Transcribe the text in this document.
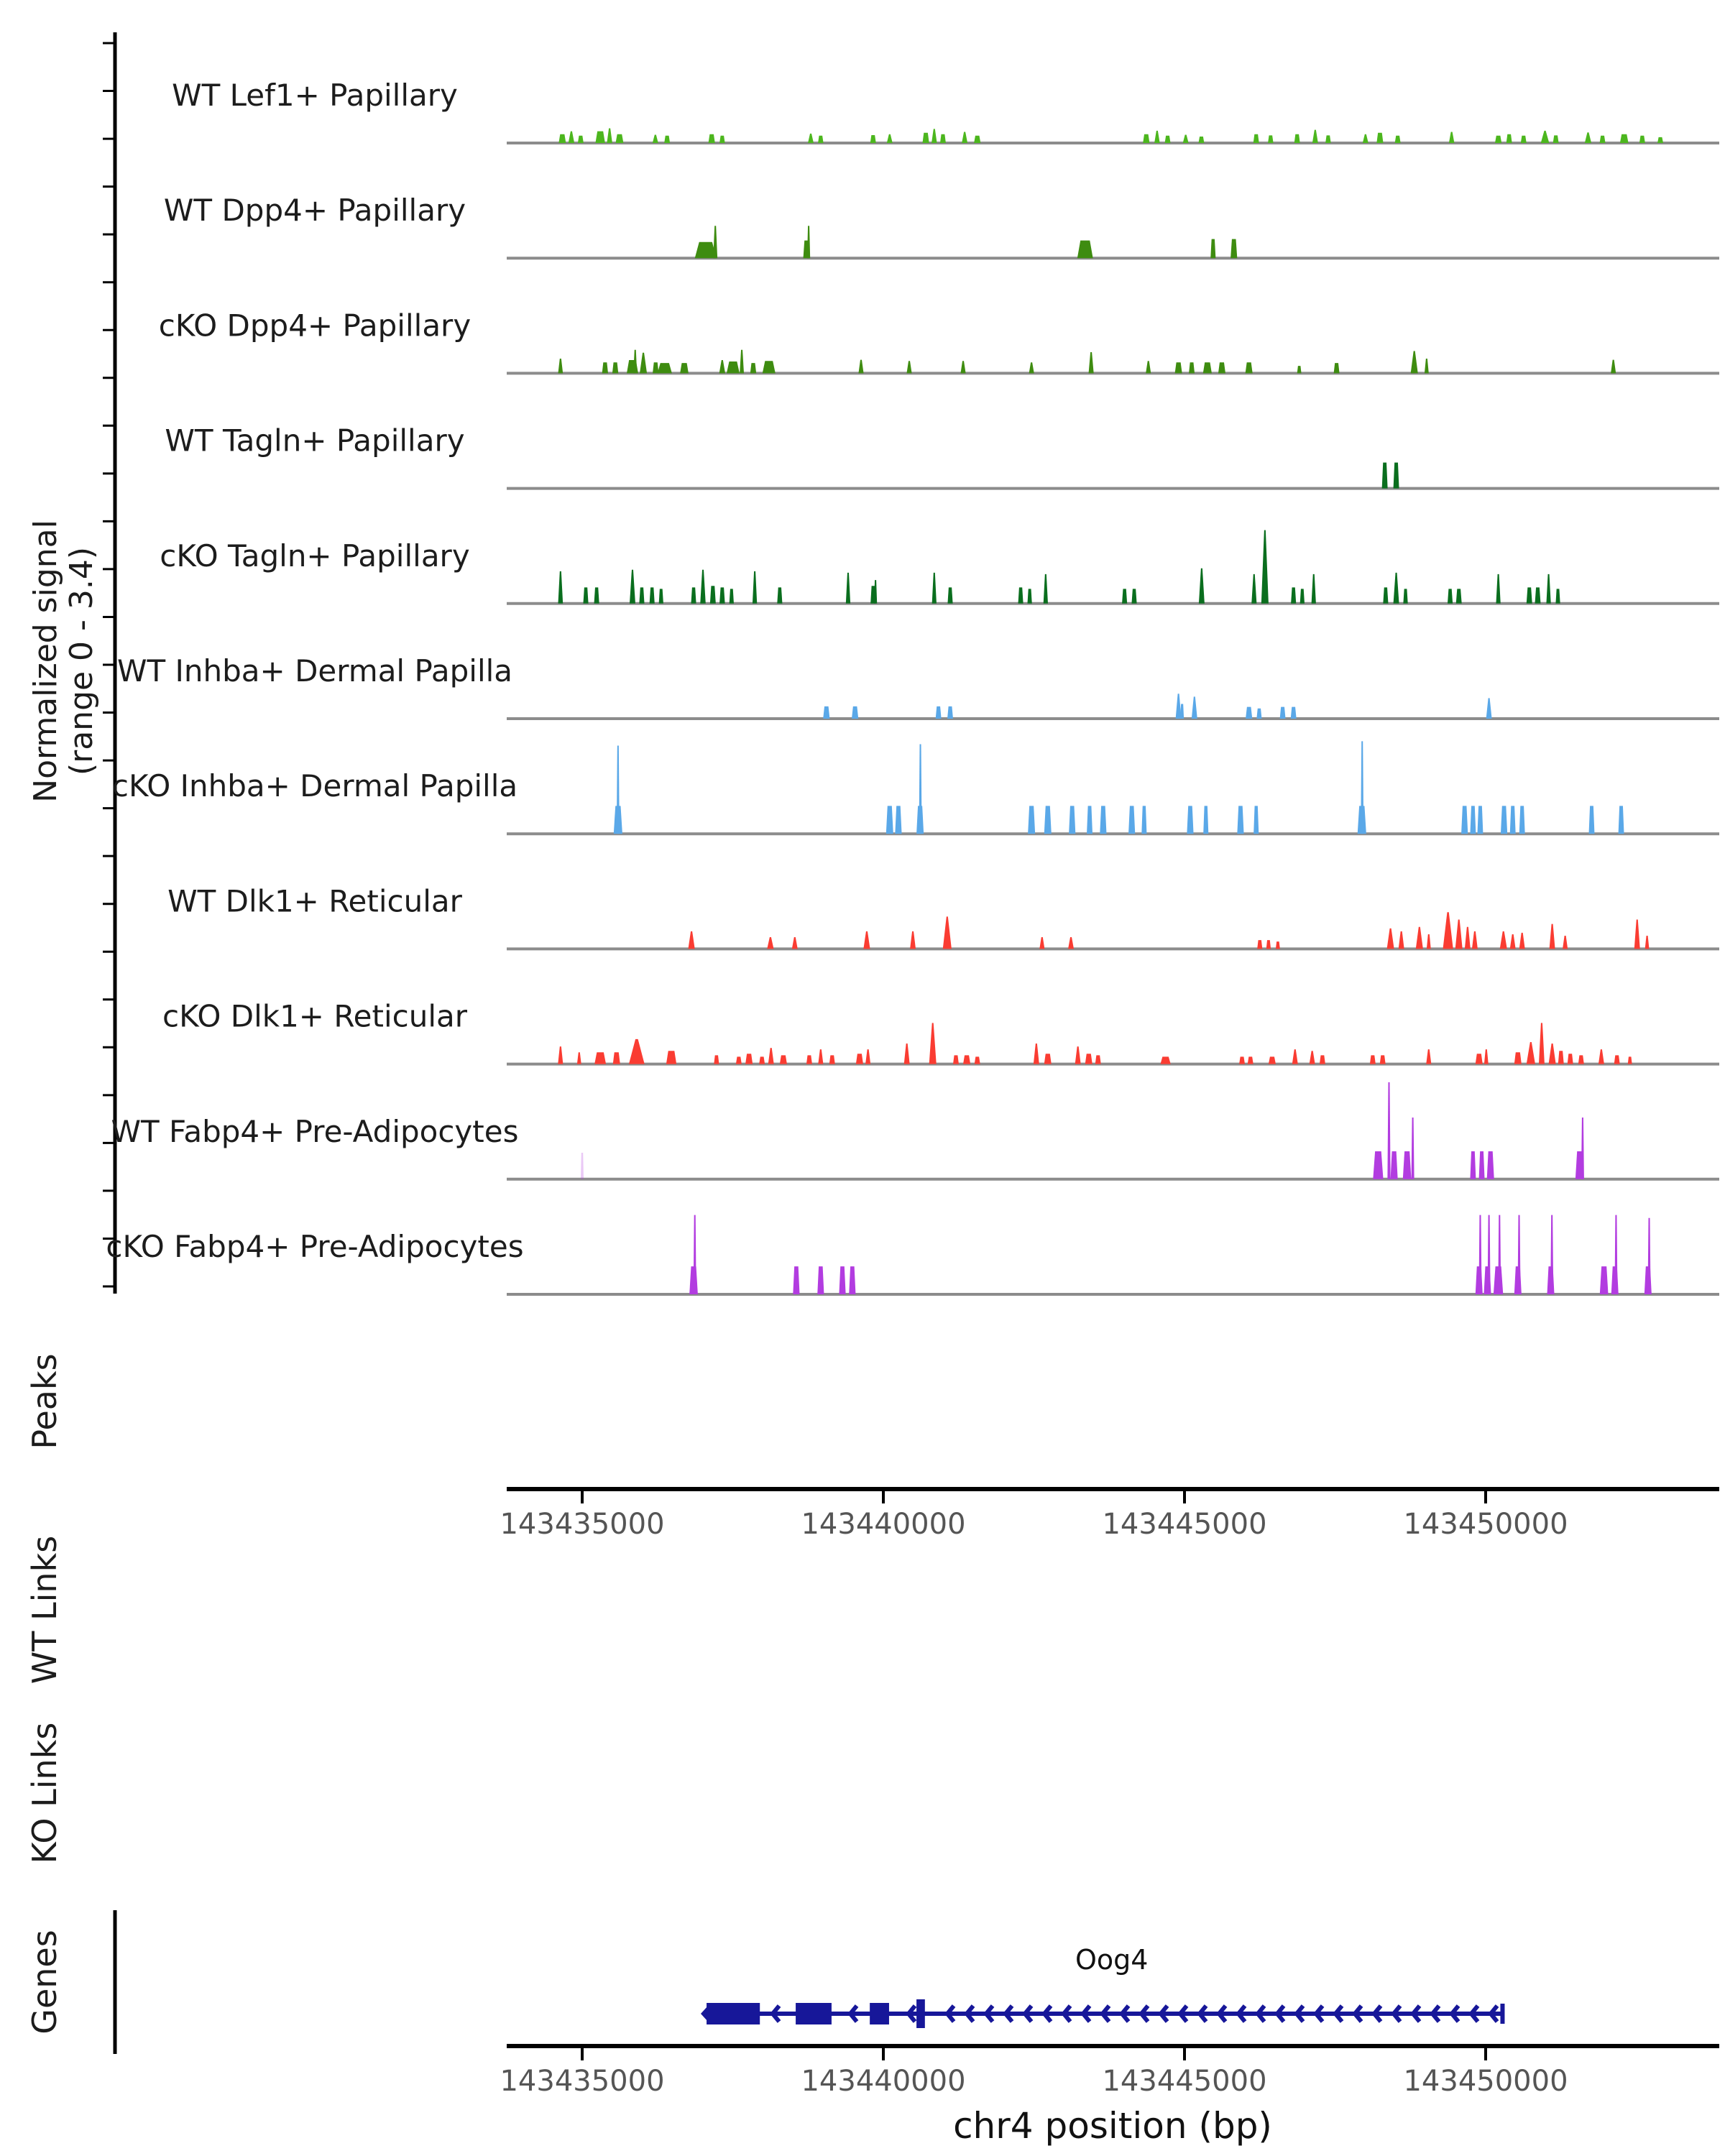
Normalized signal (range 0 - 3.4)
Peaks
WT Links
KO Links
Genes
WT Lef1+ Papillary
WT Dpp4+ Papillary
cKO Dpp4+ Papillary
WT Tagln+ Papillary
cKO Tagln+ Papillary
WT Inhba+ Dermal Papilla
cKO Inhba+ Dermal Papilla
WT Dlk1+ Reticular
cKO Dlk1+ Reticular
WT Fabp4+ Pre-Adipocytes
cKO Fabp4+ Pre-Adipocytes
143435000	143440000	143445000	143450000
Oog4
143435000	143440000	143445000	143450000
chr4 position (bp)
